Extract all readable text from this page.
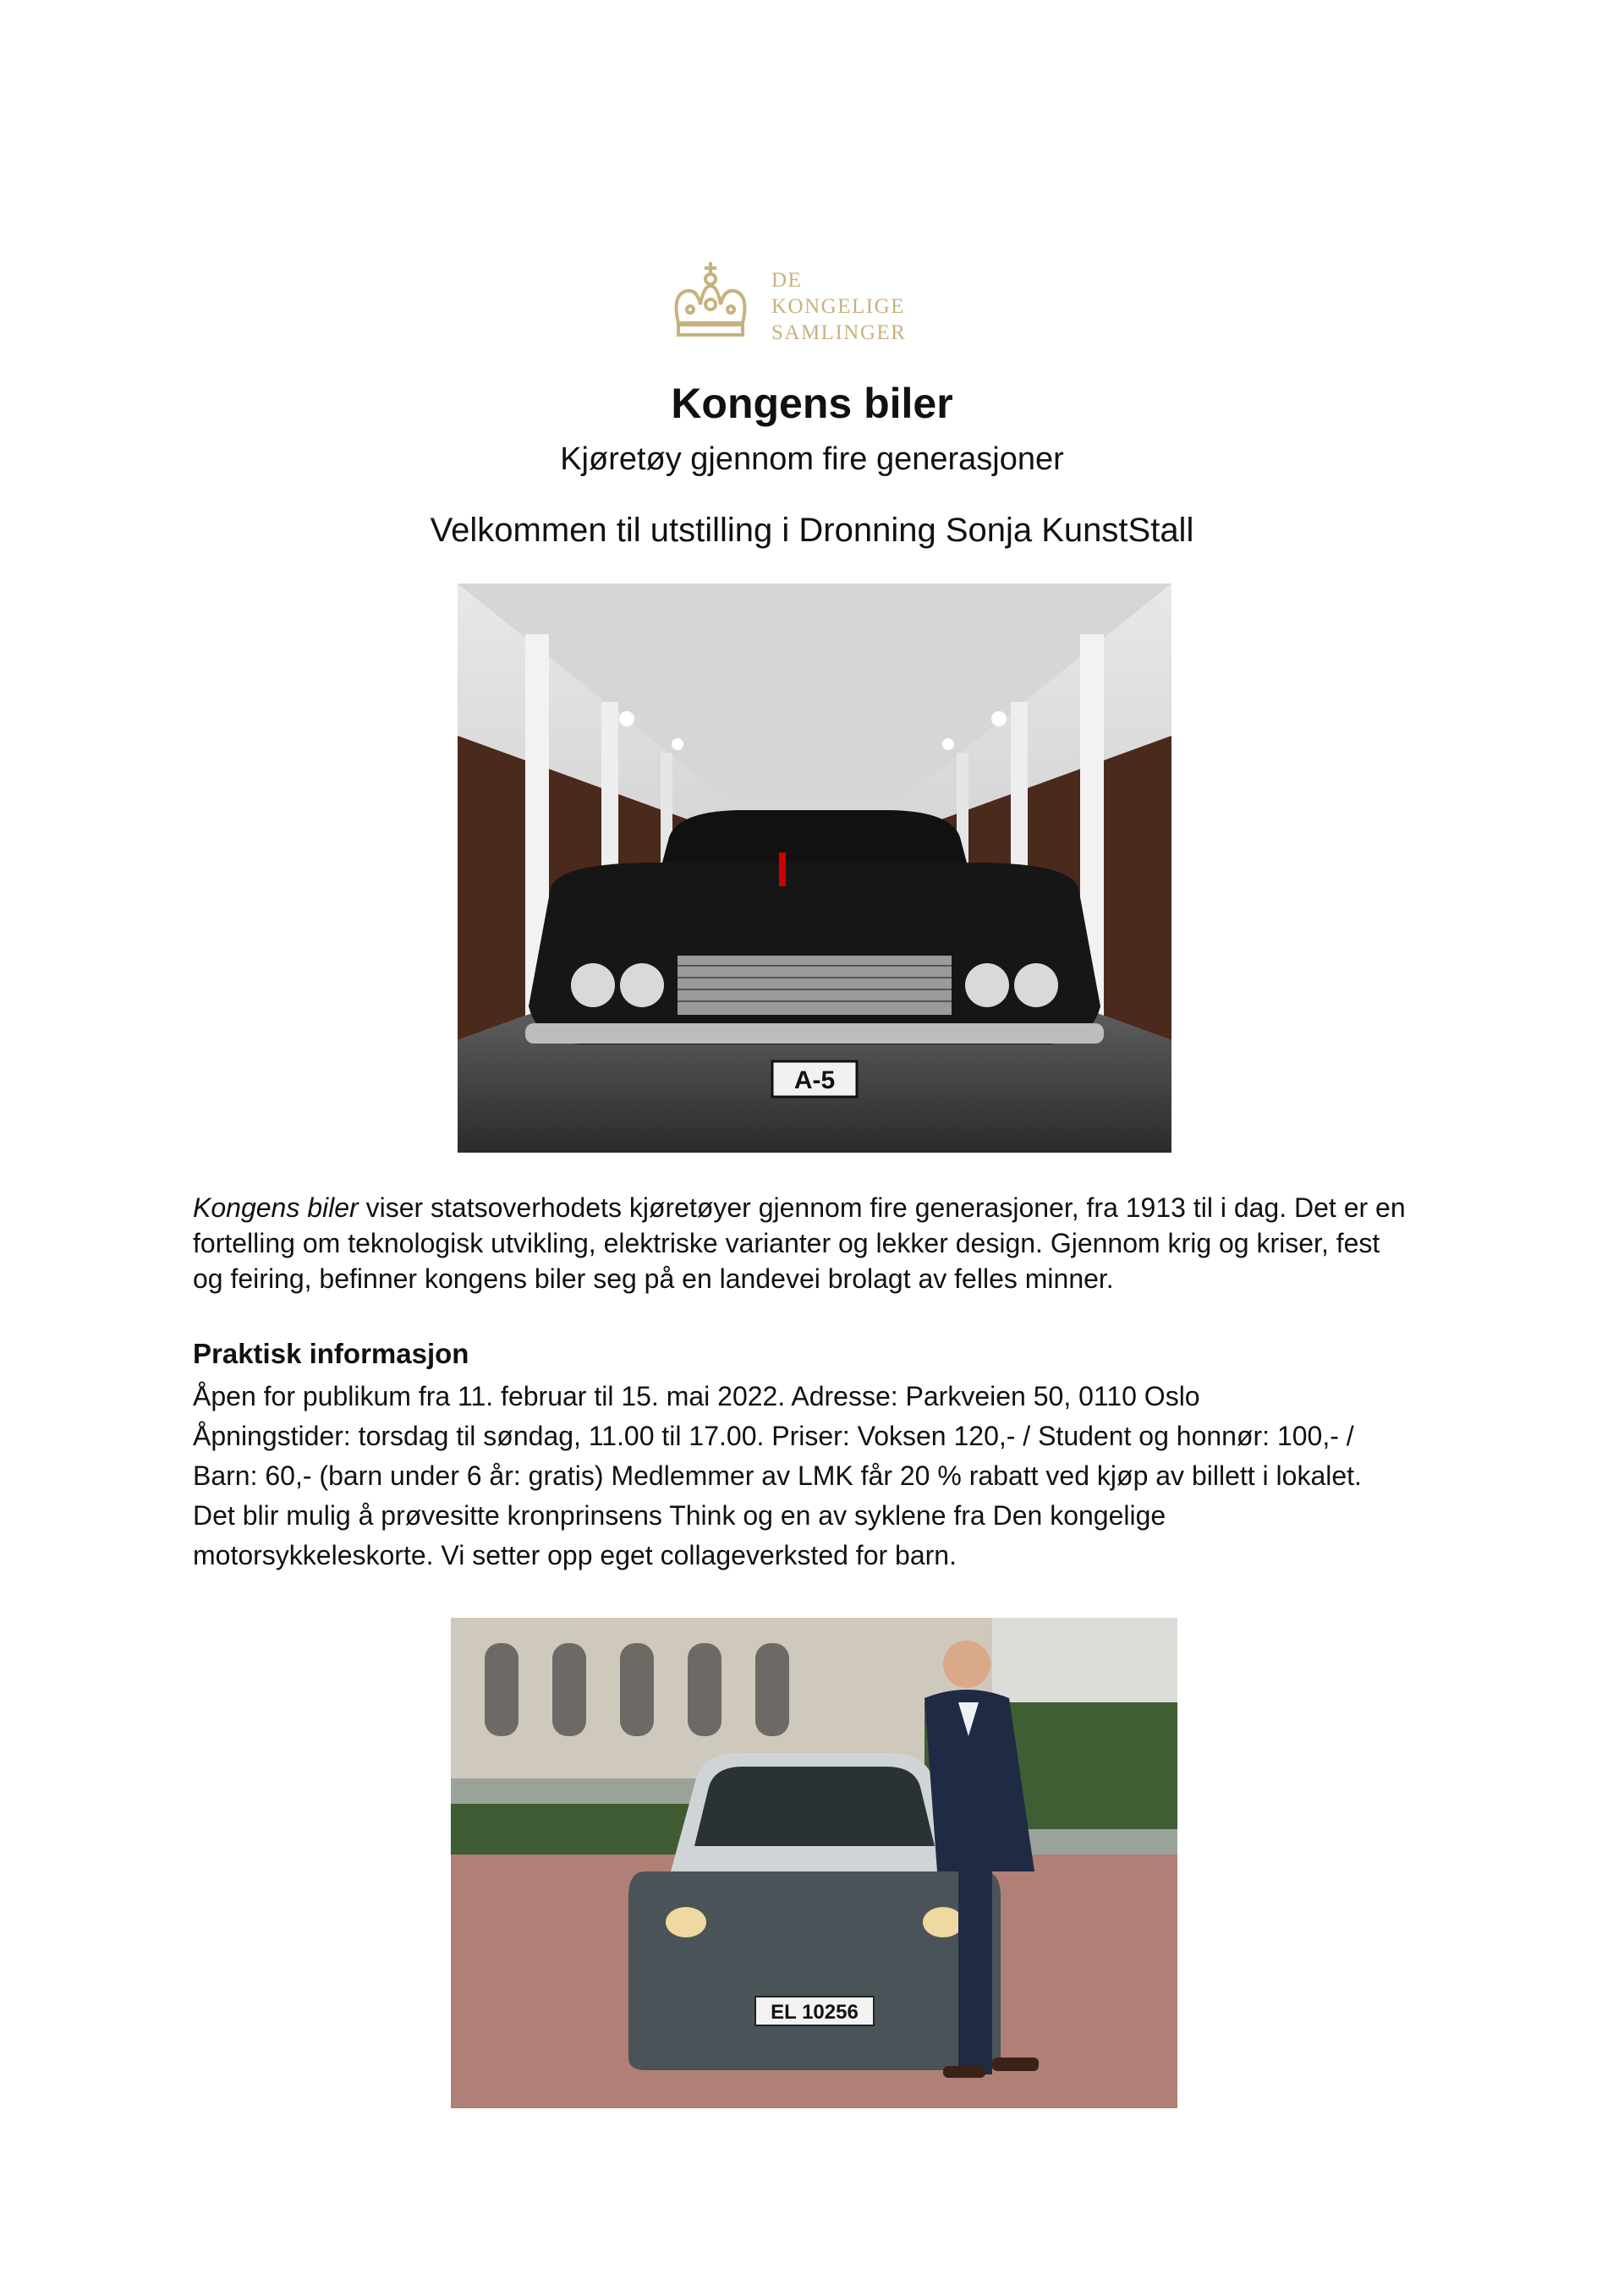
DE
KONGELIGE
SAMLINGER
Kongens biler
Kjøretøy gjennom fire generasjoner
Velkommen til utstilling i Dronning Sonja KunstStall
A-5
Kongens biler viser statsoverhodets kjøretøyer gjennom fire generasjoner, fra 1913 til i dag. Det er en
fortelling om teknologisk utvikling, elektriske varianter og lekker design. Gjennom krig og kriser, fest
og feiring, befinner kongens biler seg på en landevei brolagt av felles minner.
Praktisk informasjon
Åpen for publikum fra 11. februar til 15. mai 2022. Adresse: Parkveien 50, 0110 Oslo
Åpningstider: torsdag til søndag, 11.00 til 17.00. Priser: Voksen 120,- / Student og honnør: 100,- /
Barn: 60,- (barn under 6 år: gratis) Medlemmer av LMK får 20 % rabatt ved kjøp av billett i lokalet.
Det blir mulig å prøvesitte kronprinsens Think og en av syklene fra Den kongelige
motorsykkeleskorte. Vi setter opp eget collageverksted for barn.
EL 10256
